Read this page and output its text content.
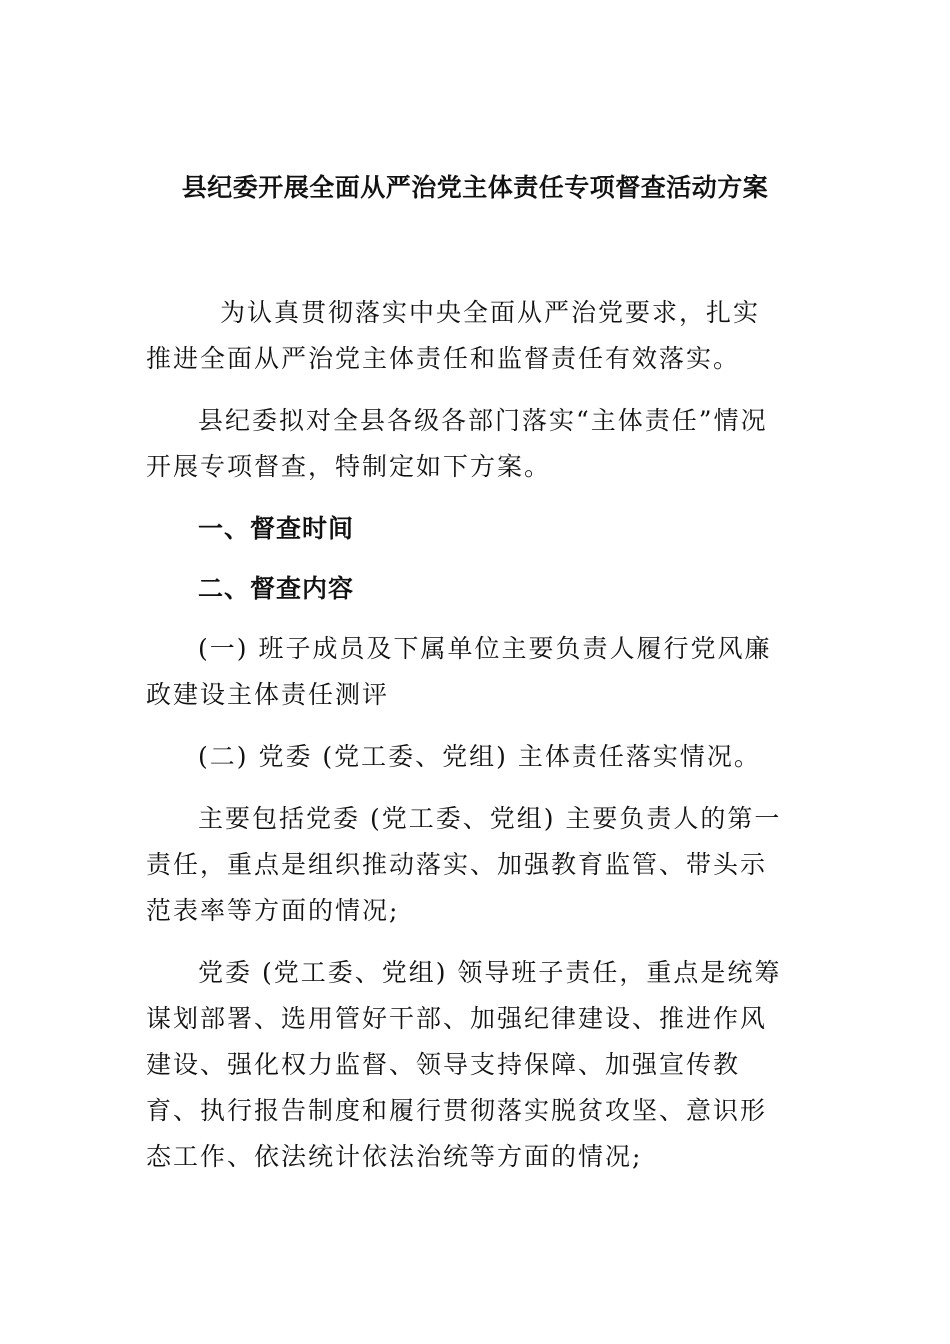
县纪委开展全面从严治党主体责任专项督查活动方案

为认真贯彻落实中央全面从严治党要求，扎实推进全面从严治党主体责任和监督责任有效落实。

县纪委拟对全县各级各部门落实“主体责任”情况开展专项督查，特制定如下方案。

一、督查时间

二、督查内容

(一) 班子成员及下属单位主要负责人履行党风廉政建设主体责任测评

(二) 党委 (党工委、党组) 主体责任落实情况。

主要包括党委 (党工委、党组) 主要负责人的第一责任，重点是组织推动落实、加强教育监管、带头示范表率等方面的情况;

党委 (党工委、党组) 领导班子责任，重点是统筹谋划部署、选用管好干部、加强纪律建设、推进作风建设、强化权力监督、领导支持保障、加强宣传教育、执行报告制度和履行贯彻落实脱贫攻坚、意识形态工作、依法统计依法治统等方面的情况;
